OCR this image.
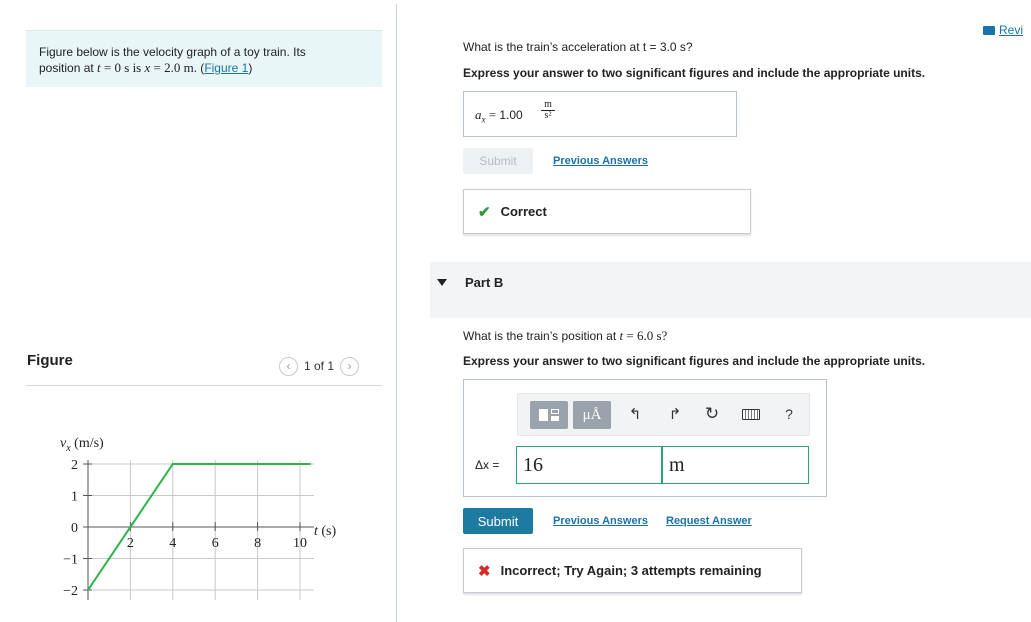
Figure below is the velocity graph of a toy train. Its
position at t = 0 s is x = 2.0 m. (Figure 1)
Figure	‹ 1 of 1 ›
2
1
0
−1
−2
2	4	6	8 10
$v_x$ (m/s)
t (s)
Revi
What is the train’s acceleration at t = 3.0 s?
Express your answer to two significant figures and include the appropriate units.
$a_x = 1.00$
m
s²
Submit	Previous Answers
✔ Correct
Part B
What is the train’s position at t = 6.0 s?
Express your answer to two significant figures and include the appropriate units.
μÅ	↰ ↱ ↻	?
Δx =	16	m
Submit	Previous Answers Request Answer
✖ Incorrect; Try Again; 3 attempts remaining
